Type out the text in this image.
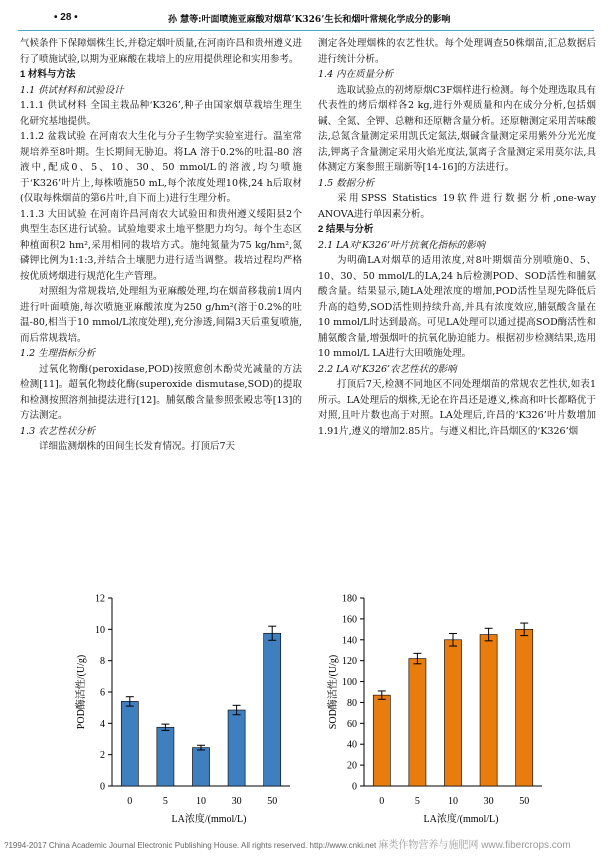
• 28 •	孙 慧等:叶面喷施亚麻酸对烟草‘K326’生长和烟叶常规化学成分的影响

气候条件下保障烟株生长,并稳定烟叶质量,在河南许昌和贵州遵义进行了喷施试验,以期为亚麻酸在栽培上的应用提供理论和实用参考。

1 材料与方法

1.1 供试材料和试验设计

1.1.1 供试材料 全国主栽品种‘K326’,种子由国家烟草栽培生理生化研究基地提供。

1.1.2 盆栽试验 在河南农大生化与分子生物学实验室进行。温室常规培养至8叶期。生长期间无胁迫。将LA 溶于0.2%的吐温-80 溶液中,配成0、5、10、30、50 mmol/L的溶液,均匀喷施于‘K326’叶片上,每株喷施50 mL,每个浓度处理10株,24 h后取材(仅取每株烟苗的第6片叶,自下而上)进行生理分析。

1.1.3 大田试验 在河南许昌河南农大试验田和贵州遵义绥阳县2个典型生态区进行试验。试验地要求土地平整肥力均匀。每个生态区种植面积2 hm²,采用相同的栽培方式。施纯氮量为75 kg/hm²,氮磷钾比例为1:1:3,并结合土壤肥力进行适当调整。栽培过程均严格按优质烤烟进行规范化生产管理。

对照组为常规栽培,处理组为亚麻酸处理,均在烟苗移栽前1周内进行叶面喷施,每次喷施亚麻酸浓度为250 g/hm²(溶于0.2%的吐温-80,相当于10 mmol/L浓度处理),充分渗透,间隔3天后重复喷施,而后常规栽培。

1.2 生理指标分析

过氧化物酶(peroxidase,POD)按照愈创木酚荧光减量的方法检测[11]。超氧化物歧化酶(superoxide dismutase,SOD)的提取和检测按照溶剂抽提法进行[12]。脯氨酸含量参照张殿忠等[13]的方法测定。

1.3 农艺性状分析

详细监测烟株的田间生长发育情况。打顶后7天

测定各处理烟株的农艺性状。每个处理调查50株烟苗,汇总数据后进行统计分析。

1.4 内在质量分析

选取试验点的初烤原烟C3F烟样进行检测。每个处理选取具有代表性的烤后烟样各2 kg,进行外观质量和内在成分分析,包括烟碱、全氮、全钾、总糖和还原糖含量分析。还原糖测定采用苦味酸法,总氮含量测定采用凯氏定氮法,烟碱含量测定采用紫外分光光度法,钾离子含量测定采用火焰光度法,氯离子含量测定采用莫尔法,具体测定方案参照王瑞新等[14-16]的方法进行。

1.5 数据分析

采用SPSS Statistics 19软件进行数据分析,one-way ANOVA进行单因素分析。

2 结果与分析

2.1 LA对‘K326’叶片抗氧化指标的影响

为明确LA对烟草的适用浓度,对8叶期烟苗分别喷施0、5、10、30、50 mmol/L的LA,24 h后检测POD、SOD活性和脯氨酸含量。结果显示,随LA处理浓度的增加,POD活性呈现先降低后升高的趋势,SOD活性则持续升高,并具有浓度效应,脯氨酸含量在10 mmol/L时达到最高。可见LA处理可以通过提高SOD酶活性和脯氨酸含量,增强烟叶的抗氧化胁迫能力。根据初步检测结果,选用10 mmol/L LA进行大田喷施处理。

2.2 LA对‘K326’农艺性状的影响

打顶后7天,检测不同地区不同处理烟苗的常规农艺性状,如表1所示。LA处理后的烟株,无论在许昌还是遵义,株高和叶长都略优于对照,且叶片数也高于对照。LA处理后,许昌的‘K326’叶片数增加1.91片,遵义的增加2.85片。与遵义相比,许昌烟区的‘K326’烟

0
2
4
6
8
10
12
0	5	10	30	50
LA浓度/(mmol/L)
POD酶活性/(U/g)
0
20
40
60
80
100
120
140
160
180
0	5	10	30	50
LA浓度/(mmol/L)
SOD酶活性/(U/g)
?1994-2017 China Academic Journal Electronic Publishing House. All rights reserved. http://www.cnki.net 麻类作物营养与施肥网 www.fibercrops.com
